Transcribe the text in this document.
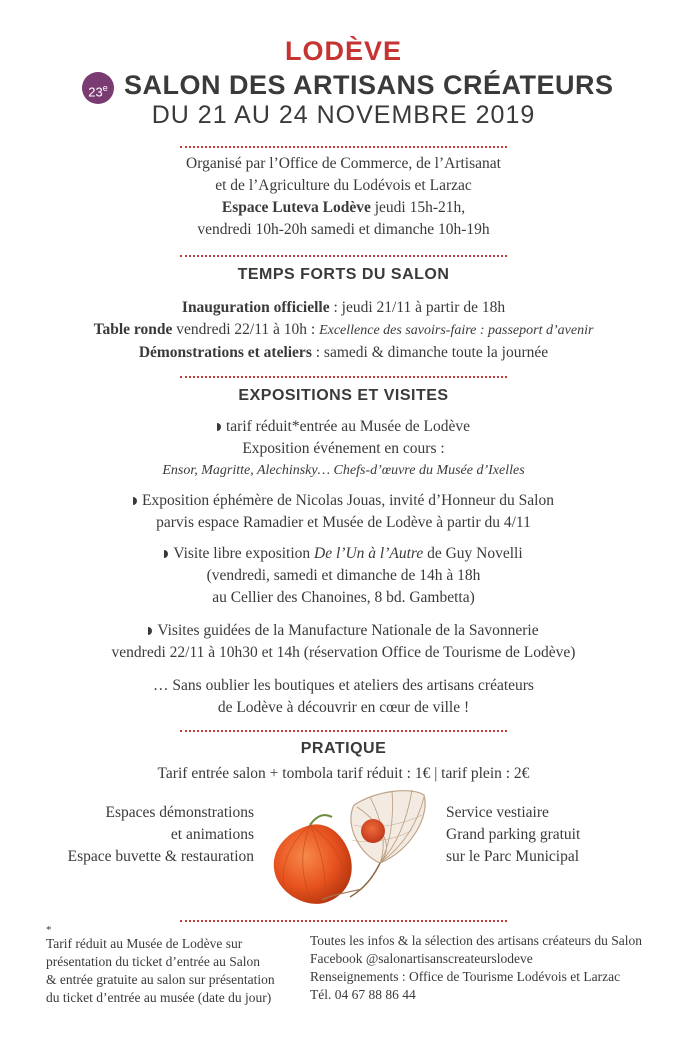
LODÈVE
23e SALON DES ARTISANS CRÉATEURS
DU 21 AU 24 NOVEMBRE 2019
Organisé par l’Office de Commerce, de l’Artisanat
et de l’Agriculture du Lodévois et Larzac
Espace Luteva Lodève jeudi 15h-21h,
vendredi 10h-20h samedi et dimanche 10h-19h
TEMPS FORTS DU SALON
Inauguration officielle : jeudi 21/11 à partir de 18h
Table ronde vendredi 22/11 à 10h : Excellence des savoirs-faire : passeport d’avenir
Démonstrations et ateliers : samedi & dimanche toute la journée
EXPOSITIONS ET VISITES
tarif réduit*entrée au Musée de Lodève
Exposition événement en cours :
Ensor, Magritte, Alechinsky… Chefs-d’œuvre du Musée d’Ixelles
Exposition éphémère de Nicolas Jouas, invité d’Honneur du Salon
parvis espace Ramadier et Musée de Lodève à partir du 4/11
Visite libre exposition De l’Un à l’Autre de Guy Novelli
(vendredi, samedi et dimanche de 14h à 18h
au Cellier des Chanoines, 8 bd. Gambetta)
Visites guidées de la Manufacture Nationale de la Savonnerie
vendredi 22/11 à 10h30 et 14h (réservation Office de Tourisme de Lodève)
… Sans oublier les boutiques et ateliers des artisans créateurs
de Lodève à découvrir en cœur de ville !
PRATIQUE
Tarif entrée salon + tombola tarif réduit : 1€ | tarif plein : 2€
Espaces démonstrations
et animations
Espace buvette & restauration
Service vestiaire
Grand parking gratuit
sur le Parc Municipal
*
Tarif réduit au Musée de Lodève sur
présentation du ticket d’entrée au Salon
& entrée gratuite au salon sur présentation
du ticket d’entrée au musée (date du jour)
Toutes les infos & la sélection des artisans créateurs du Salon
Facebook @salonartisanscreateurslodeve
Renseignements : Office de Tourisme Lodévois et Larzac
Tél. 04 67 88 86 44
